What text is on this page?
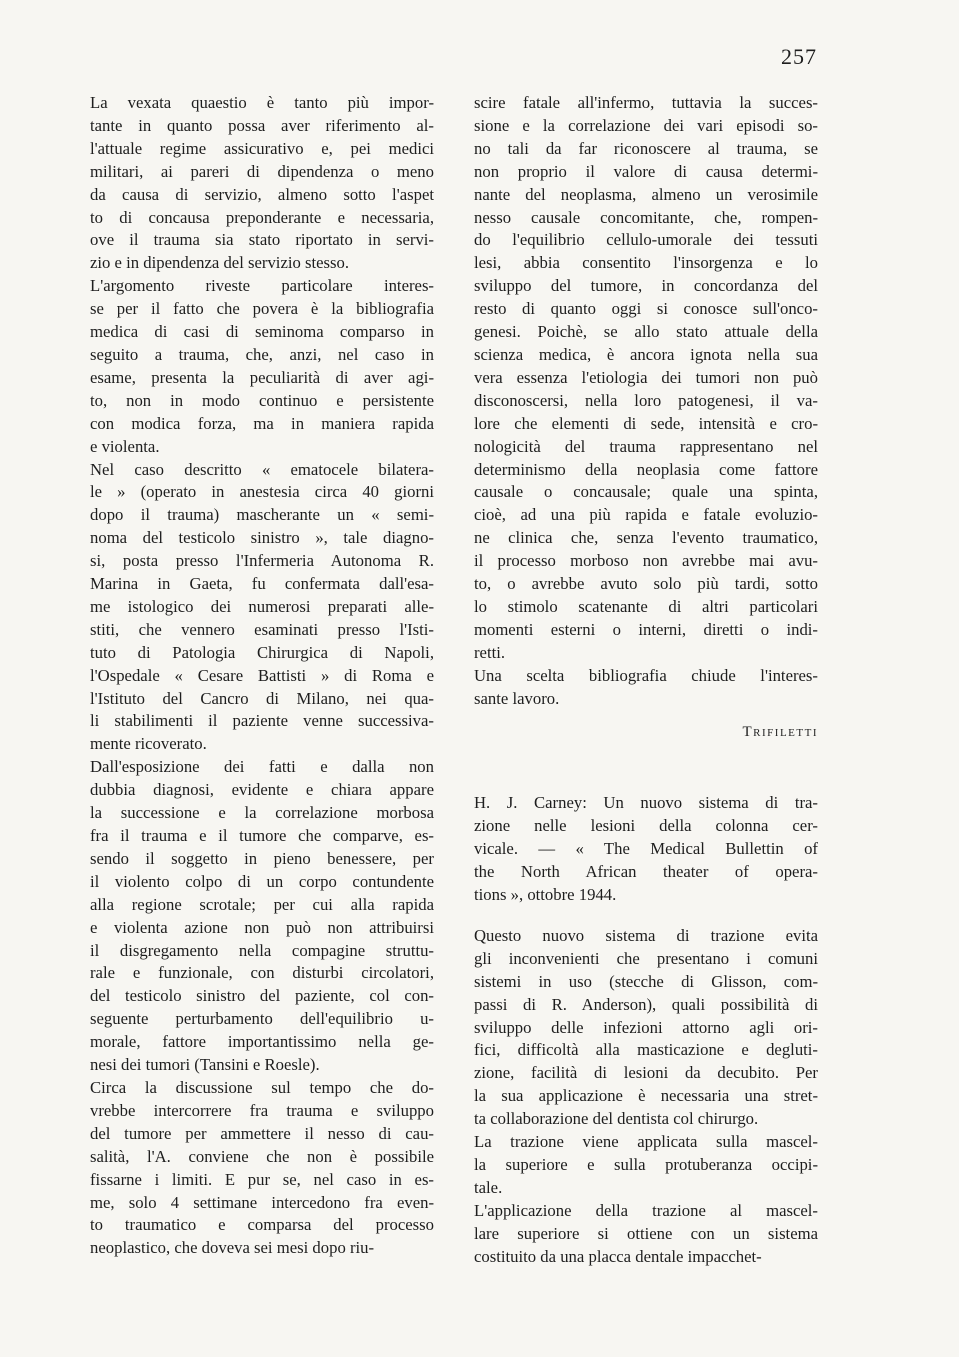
257

La vexata quaestio è tanto più impor-
tante in quanto possa aver riferimento al-
l'attuale regime assicurativo e, pei medici
militari, ai pareri di dipendenza o meno
da causa di servizio, almeno sotto l'aspet
to di concausa preponderante e necessaria,
ove il trauma sia stato riportato in servi-
zio e in dipendenza del servizio stesso.

L'argomento riveste particolare interes-
se per il fatto che povera è la bibliografia
medica di casi di seminoma comparso in
seguito a trauma, che, anzi, nel caso in
esame, presenta la peculiarità di aver agi-
to, non in modo continuo e persistente
con modica forza, ma in maniera rapida
e violenta.

Nel caso descritto « ematocele bilatera-
le » (operato in anestesia circa 40 giorni
dopo il trauma) mascherante un « semi-
noma del testicolo sinistro », tale diagno-
si, posta presso l'Infermeria Autonoma R.
Marina in Gaeta, fu confermata dall'esa-
me istologico dei numerosi preparati alle-
stiti, che vennero esaminati presso l'Isti-
tuto di Patologia Chirurgica di Napoli,
l'Ospedale « Cesare Battisti » di Roma e
l'Istituto del Cancro di Milano, nei qua-
li stabilimenti il paziente venne successiva-
mente ricoverato.

Dall'esposizione dei fatti e dalla non
dubbia diagnosi, evidente e chiara appare
la successione e la correlazione morbosa
fra il trauma e il tumore che comparve, es-
sendo il soggetto in pieno benessere, per
il violento colpo di un corpo contundente
alla regione scrotale; per cui alla rapida
e violenta azione non può non attribuirsi
il disgregamento nella compagine struttu-
rale e funzionale, con disturbi circolatori,
del testicolo sinistro del paziente, col con-
seguente perturbamento dell'equilibrio u-
morale, fattore importantissimo nella ge-
nesi dei tumori (Tansini e Roesle).

Circa la discussione sul tempo che do-
vrebbe intercorrere fra trauma e sviluppo
del tumore per ammettere il nesso di cau-
salità, l'A. conviene che non è possibile
fissarne i limiti. E pur se, nel caso in es-
me, solo 4 settimane intercedono fra even-
to traumatico e comparsa del processo
neoplastico, che doveva sei mesi dopo riu-

scire fatale all'infermo, tuttavia la succes-
sione e la correlazione dei vari episodi so-
no tali da far riconoscere al trauma, se
non proprio il valore di causa determi-
nante del neoplasma, almeno un verosimile
nesso causale concomitante, che, rompen-
do l'equilibrio cellulo-umorale dei tessuti
lesi, abbia consentito l'insorgenza e lo
sviluppo del tumore, in concordanza del
resto di quanto oggi si conosce sull'onco-
genesi. Poichè, se allo stato attuale della
scienza medica, è ancora ignota nella sua
vera essenza l'etiologia dei tumori non può
disconoscersi, nella loro patogenesi, il va-
lore che elementi di sede, intensità e cro-
nologicità del trauma rappresentano nel
determinismo della neoplasia come fattore
causale o concausale; quale una spinta,
cioè, ad una più rapida e fatale evoluzio-
ne clinica che, senza l'evento traumatico,
il processo morboso non avrebbe mai avu-
to, o avrebbe avuto solo più tardi, sotto
lo stimolo scatenante di altri particolari
momenti esterni o interni, diretti o indi-
retti.

Una scelta bibliografia chiude l'interes-
sante lavoro.

Trifiletti

H. J. Carney: Un nuovo sistema di tra-
zione nelle lesioni della colonna cer-
vicale. — « The Medical Bullettin of
the North African theater of opera-
tions », ottobre 1944.

Questo nuovo sistema di trazione evita
gli inconvenienti che presentano i comuni
sistemi in uso (stecche di Glisson, com-
passi di R. Anderson), quali possibilità di
sviluppo delle infezioni attorno agli ori-
fici, difficoltà alla masticazione e degluti-
zione, facilità di lesioni da decubito. Per
la sua applicazione è necessaria una stret-
ta collaborazione del dentista col chirurgo.

La trazione viene applicata sulla mascel-
la superiore e sulla protuberanza occipi-
tale.

L'applicazione della trazione al mascel-
lare superiore si ottiene con un sistema
costituito da una placca dentale impacchet-
